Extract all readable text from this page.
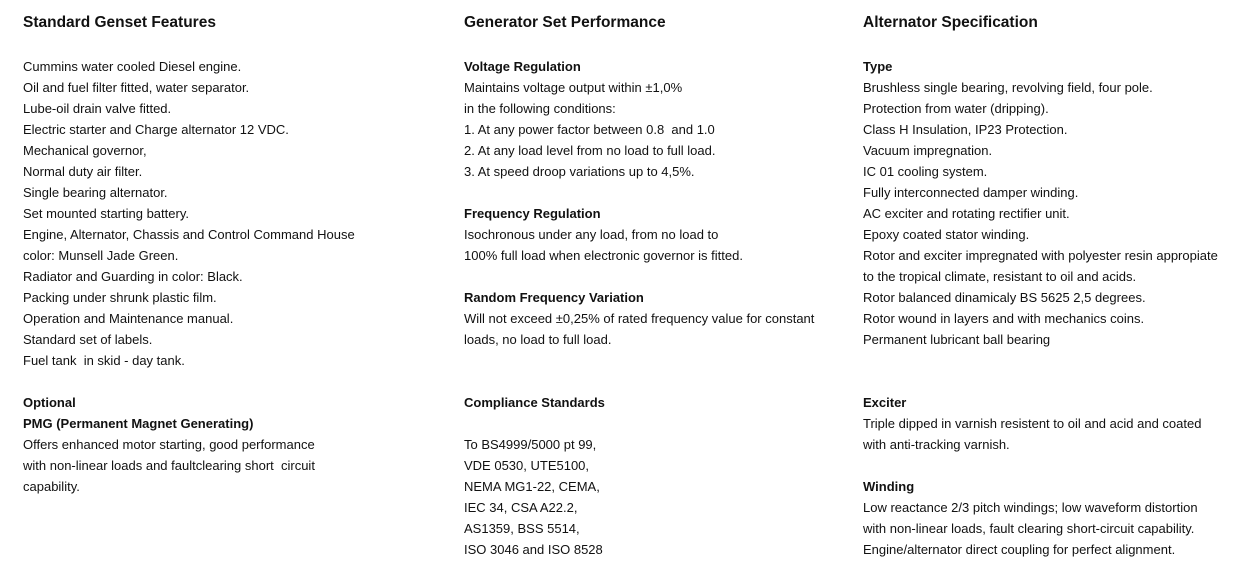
Standard Genset Features
Cummins water cooled Diesel engine.
Oil and fuel filter fitted, water separator.
Lube-oil drain valve fitted.
Electric starter and Charge alternator 12 VDC.
Mechanical governor,
Normal duty air filter.
Single bearing alternator.
Set mounted starting battery.
Engine, Alternator, Chassis and Control Command House
color: Munsell Jade Green.
Radiator and Guarding in color: Black.
Packing under shrunk plastic film.
Operation and Maintenance manual.
Standard set of labels.
Fuel tank  in skid - day tank.
Optional
PMG (Permanent Magnet Generating)
Offers enhanced motor starting, good performance
with non-linear loads and faultclearing short  circuit
capability.
Generator Set Performance
Voltage Regulation
Maintains voltage output within ±1,0%
in the following conditions:
1. At any power factor between 0.8  and 1.0
2. At any load level from no load to full load.
3. At speed droop variations up to 4,5%.
Frequency Regulation
Isochronous under any load, from no load to
100% full load when electronic governor is fitted.
Random Frequency Variation
Will not exceed ±0,25% of rated frequency value for constant
loads, no load to full load.
Compliance Standards
To BS4999/5000 pt 99,
VDE 0530, UTE5100,
NEMA MG1-22, CEMA,
IEC 34, CSA A22.2,
AS1359, BSS 5514,
ISO 3046 and ISO 8528
Alternator Specification
Type
Brushless single bearing, revolving field, four pole.
Protection from water (dripping).
Class H Insulation, IP23 Protection.
Vacuum impregnation.
IC 01 cooling system.
Fully interconnected damper winding.
AC exciter and rotating rectifier unit.
Epoxy coated stator winding.
Rotor and exciter impregnated with polyester resin appropiate
to the tropical climate, resistant to oil and acids.
Rotor balanced dinamicaly BS 5625 2,5 degrees.
Rotor wound in layers and with mechanics coins.
Permanent lubricant ball bearing
Exciter
Triple dipped in varnish resistent to oil and acid and coated
with anti-tracking varnish.
Winding
Low reactance 2/3 pitch windings; low waveform distortion
with non-linear loads, fault clearing short-circuit capability.
Engine/alternator direct coupling for perfect alignment.
